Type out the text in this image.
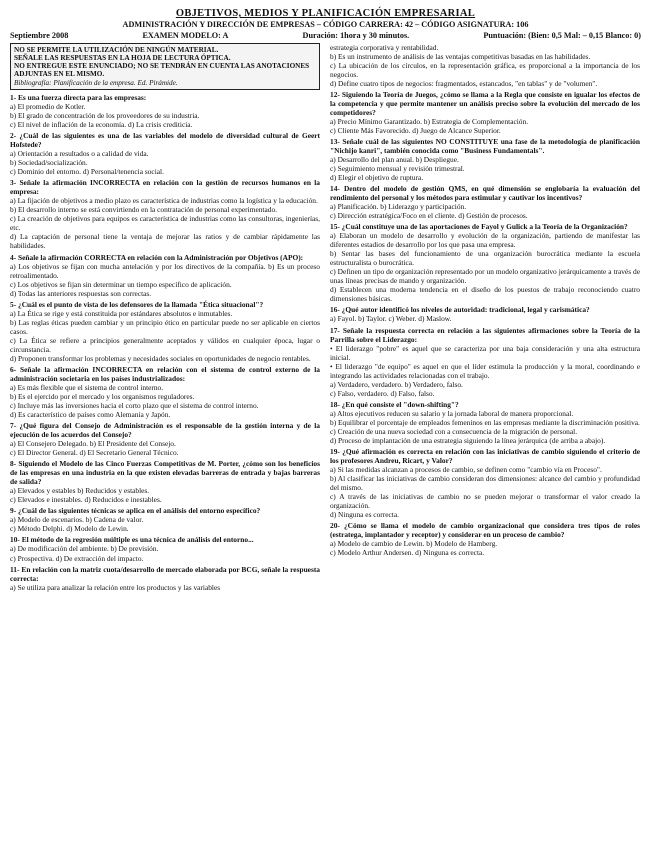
OBJETIVOS, MEDIOS Y PLANIFICACIÓN EMPRESARIAL
ADMINISTRACIÓN Y DIRECCIÓN DE EMPRESAS – CÓDIGO CARRERA: 42 – CÓDIGO ASIGNATURA: 106
Septiembre 2008	EXAMEN MODELO: A	Duración: 1hora y 30 minutos.	Puntuación: (Bien: 0,5 Mal: – 0,15 Blanco: 0)
NO SE PERMITE LA UTILIZACIÓN DE NINGÚN MATERIAL.
SEÑALE LAS RESPUESTAS EN LA HOJA DE LECTURA ÓPTICA.
NO ENTREGUE ESTE ENUNCIADO; NO SE TENDRÁN EN CUENTA LAS ANOTACIONES ADJUNTAS EN EL MISMO.
Bibliografía: Planificación de la empresa. Ed. Pirámide.
1- Es una fuerza directa para las empresas:
a) El promedio de Kotler.
b) El grado de concentración de los proveedores de su industria.
c) El nivel de inflación de la economía. d) La crisis crediticia.
2- ¿Cuál de las siguientes es una de las variables del modelo de diversidad cultural de Geert Hofstede?
a) Orientación a resultados o a calidad de vida.
b) Sociedad/socialización.
c) Dominio del entorno. d) Personal/tenencia social.
3- Señale la afirmación INCORRECTA en relación con la gestión de recursos humanos en la empresa:
a) La fijación de objetivos a medio plazo es característica de industrias como la logística y la educación.
b) El desarrollo interno se está convirtiendo en la contratación de personal experimentado.
c) La creación de objetivos para equipos es característica de industrias como las consultoras, ingenierías, etc.
d) La captación de personal tiene la ventaja de mejorar las ratios y de cambiar rápidamente las habilidades.
4- Señale la afirmación CORRECTA en relación con la Administración por Objetivos (APO):
a) Los objetivos se fijan con mucha antelación y por los directivos de la compañía. b) Es un proceso retroalimentado.
c) Los objetivos se fijan sin determinar un tiempo específico de aplicación.
d) Todas las anteriores respuestas son correctas.
5- ¿Cuál es el punto de vista de los defensores de la llamada "Ética situacional"?
a) La Ética se rige y está constituida por estándares absolutos e inmutables.
b) Las reglas éticas pueden cambiar y un principio ético en particular puede no ser aplicable en ciertos casos.
c) La Ética se refiere a principios generalmente aceptados y válidos en cualquier época, lugar o circunstancia.
d) Proponen transformar los problemas y necesidades sociales en oportunidades de negocio rentables.
6- Señale la afirmación INCORRECTA en relación con el sistema de control externo de la administración societaria en los países industrializados:
a) Es más flexible que el sistema de control interno.
b) Es el ejercido por el mercado y los organismos reguladores.
c) Incluye más las inversiones hacia el corto plazo que el sistema de control interno.
d) Es característico de países como Alemania y Japón.
7- ¿Qué figura del Consejo de Administración es el responsable de la gestión interna y de la ejecución de los acuerdos del Consejo?
a) El Consejero Delegado. b) El Presidente del Consejo.
c) El Director General. d) El Secretario General Técnico.
8- Siguiendo el Modelo de las Cinco Fuerzas Competitivas de M. Porter, ¿cómo son los beneficios de las empresas en una industria en la que existen elevadas barreras de entrada y bajas barreras de salida?
a) Elevados y estables b) Reducidos y estables.
c) Elevados e inestables. d) Reducidos e inestables.
9- ¿Cuál de las siguientes técnicas se aplica en el análisis del entorno específico?
a) Modelo de escenarios. b) Cadena de valor.
c) Método Delphi. d) Modelo de Lewin.
10- El método de la regresión múltiple es una técnica de análisis del entorno...
a) De modificación del ambiente. b) De previsión.
c) Prospectiva. d) De extracción del impacto.
11- En relación con la matriz cuota/desarrollo de mercado elaborada por BCG, señale la respuesta correcta:
a) Se utiliza para analizar la relación entre los productos y las variables
estrategia corporativa y rentabilidad.
b) Es un instrumento de análisis de las ventajas competitivas basadas en las habilidades.
c) La ubicación de los círculos, en la representación gráfica, es proporcional a la importancia de los negocios.
d) Define cuatro tipos de negocios: fragmentados, estancados, "en tablas" y de "volumen".
12- Siguiendo la Teoría de Juegos, ¿cómo se llama a la Regla que consiste en igualar los efectos de la competencia y que permite mantener un análisis preciso sobre la evolución del mercado de los competidores?
a) Precio Mínimo Garantizado. b) Estrategia de Complementación.
c) Cliente Más Favorecido. d) Juego de Alcance Superior.
13- Señale cuál de las siguientes NO CONSTITUYE una fase de la metodología de planificación "Nichijo kanri", también conocida como "Business Fundamentals".
a) Desarrollo del plan anual. b) Despliegue.
c) Seguimiento mensual y revisión trimestral.
d) Elegir el objetivo de ruptura.
14- Dentro del modelo de gestión QMS, en qué dimensión se englobaría la evaluación del rendimiento del personal y los métodos para estimular y cautivar los incentivos?
a) Planificación. b) Liderazgo y participación.
c) Dirección estratégica/Foco en el cliente. d) Gestión de procesos.
15- ¿Cuál constituye una de las aportaciones de Fayol y Gulick a la Teoría de la Organización?
a) Elaboran un modelo de desarrollo y evolución de la organización, partiendo de manifestar las diferentes estadios de desarrollo por los que pasa una empresa.
b) Sentar las bases del funcionamiento de una organización burocrática mediante la escuela estructuralista o burocrática.
c) Definen un tipo de organización representado por un modelo organizativo jerárquicamente a través de unas líneas precisas de mando y organización.
d) Establecen una moderna tendencia en el diseño de los puestos de trabajo reconociendo cuatro dimensiones básicas.
16- ¿Qué autor identificó los niveles de autoridad: tradicional, legal y carismática?
a) Fayol. b) Taylor. c) Weber. d) Maslow.
17- Señale la respuesta correcta en relación a las siguientes afirmaciones sobre la Teoría de la Parrilla sobre el Liderazgo:
• El liderazgo "pobre" es aquel que se caracteriza por una baja consideración y una alta estructura inicial.
• El liderazgo "de equipo" es aquel en que el líder estimula la producción y la moral, coordinando e integrando las actividades relacionadas con el trabajo.
a) Verdadero, verdadero. b) Verdadero, falso.
c) Falso, verdadero. d) Falso, falso.
18- ¿En qué consiste el "down-shifting"?
a) Altos ejecutivos reducen su salario y la jornada laboral de manera proporcional.
b) Equilibrar el porcentaje de empleados femeninos en las empresas mediante la discriminación positiva.
c) Creación de una nueva sociedad con a consecuencia de la migración de personal.
d) Proceso de implantación de una estrategia siguiendo la línea jerárquica (de arriba a abajo).
19- ¿Qué afirmación es correcta en relación con las iniciativas de cambio siguiendo el criterio de los profesores Andreu, Ricart, y Valor?
a) Si las medidas alcanzan a procesos de cambio, se definen como "cambio vía en Proceso".
b) Al clasificar las iniciativas de cambio consideran dos dimensiones: alcance del cambio y profundidad del mismo.
c) A través de las iniciativas de cambio no se pueden mejorar o transformar el valor creado la organización.
d) Ninguna es correcta.
20- ¿Cómo se llama el modelo de cambio organizacional que considera tres tipos de roles (estratega, implantador y receptor) y considerar en un proceso de cambio?
a) Modelo de cambio de Lewin. b) Modelo de Hamberg.
c) Modelo Arthur Andersen. d) Ninguna es correcta.
